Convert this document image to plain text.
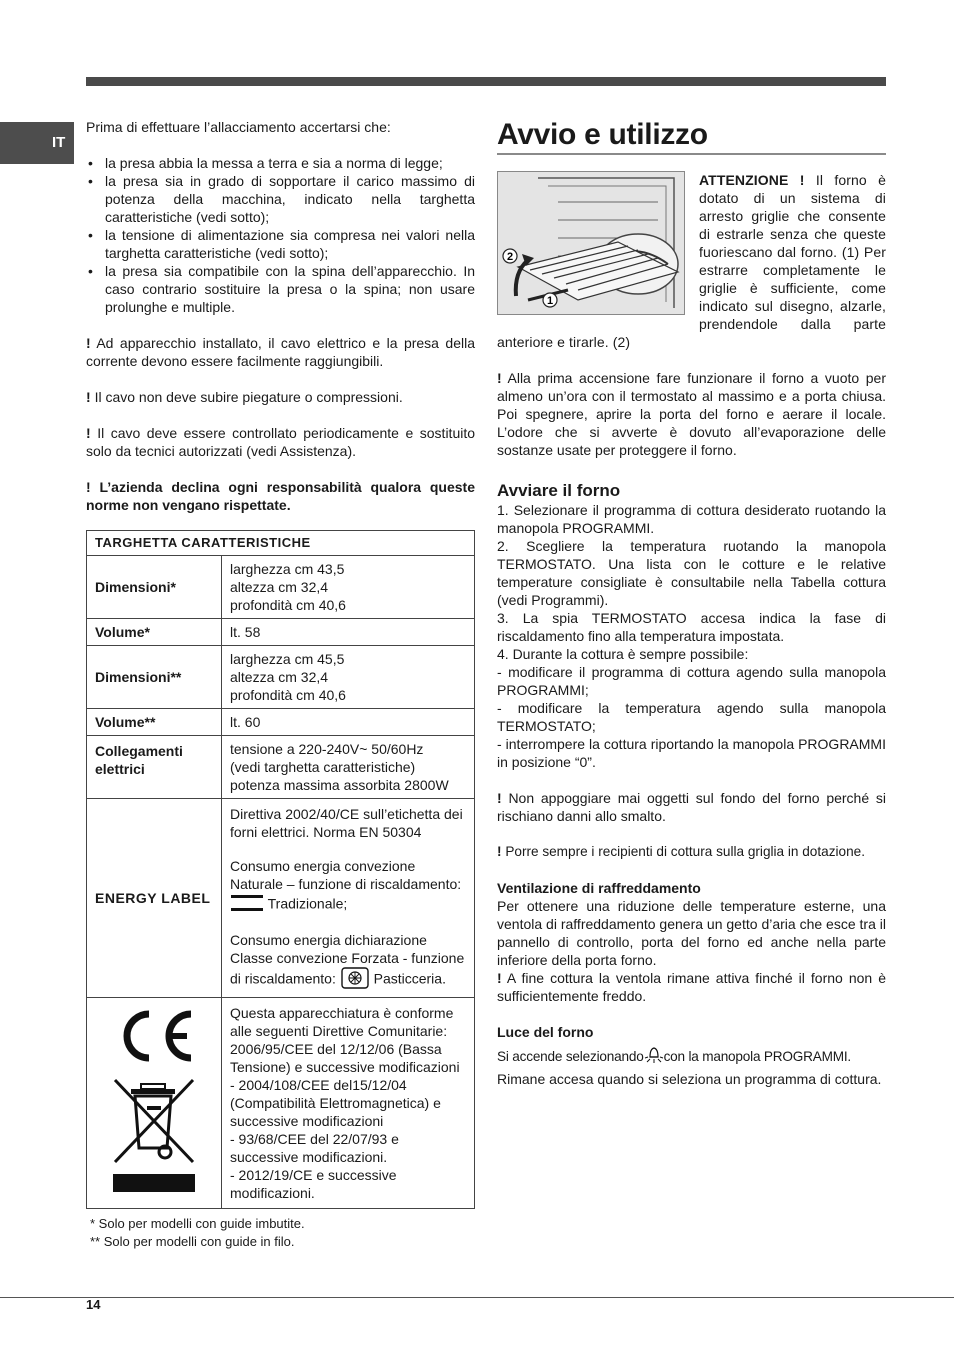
IT

Prima di effettuare l’allacciamento accertarsi che:

• la presa abbia la messa a terra e sia a norma di legge;
• la presa sia in grado di sopportare il carico massimo di potenza della macchina, indicato nella targhetta caratteristiche (vedi sotto);
• la tensione di alimentazione sia compresa nei valori nella targhetta caratteristiche (vedi sotto);
• la presa sia compatibile con la spina dell’apparecchio. In caso contrario sostituire la presa o la spina; non usare prolunghe e multiple.

! Ad apparecchio installato, il cavo elettrico e la presa della corrente devono essere facilmente raggiungibili.

! Il cavo non deve subire piegature o compressioni.

! Il cavo deve essere controllato periodicamente e sostituito solo da tecnici autorizzati (vedi Assistenza).

! L’azienda declina ogni responsabilità qualora queste norme non vengano rispettate.

TARGHETTA CARATTERISTICHE	
Dimensioni*	larghezza cm 43,5
altezza cm 32,4
profondità cm 40,6

Volume*	lt. 58
Dimensioni**	larghezza cm 45,5
altezza cm 32,4
profondità cm 40,6

Volume**	lt. 60
Collegamenti elettrici	tensione a 220-240V~ 50/60Hz
(vedi targhetta caratteristiche)
potenza massima assorbita 2800W

ENERGY LABEL	Direttiva 2002/40/CE sull’etichetta dei forni elettrici. Norma EN 50304
Consumo energia convezione Naturale – funzione di riscaldamento:  Tradizionale;
Consumo energia dichiarazione Classe convezione Forzata - funzione di riscaldamento: Pasticceria.

Questa apparecchiatura è conforme alle seguenti Direttive Comunitarie: 2006/95/CEE del 12/12/06 (Bassa Tensione) e successive modificazioni
- 2004/108/CEE del15/12/04 (Compatibilità Elettromagnetica) e successive modificazioni
- 93/68/CEE del 22/07/93 e successive modificazioni.
- 2012/19/CE e successive modificazioni.
* Solo per modelli con guide imbutite.
** Solo per modelli con guide in filo.
Avvio e utilizzo
2
1

ATTENZIONE ! Il forno è dotato di un sistema di arresto griglie che consente di estrarle senza che queste fuoriescano dal forno. (1) Per estrarre completamente le griglie è sufficiente, come indicato sul disegno, alzarle, prendendole dalla parte anteriore e tirarle. (2)

! Alla prima accensione fare funzionare il forno a vuoto per almeno un’ora con il termostato al massimo e a porta chiusa. Poi spegnere, aprire la porta del forno e aerare il locale. L’odore che si avverte è dovuto all’evaporazione delle sostanze usate per proteggere il forno.

Avviare il forno

1. Selezionare il programma di cottura desiderato ruotando la manopola PROGRAMMI.

2. Scegliere la temperatura ruotando la manopola TERMOSTATO. Una lista con le cotture e le relative temperature consigliate è consultabile nella Tabella cottura (vedi Programmi).

3. La spia TERMOSTATO accesa indica la fase di riscaldamento fino alla temperatura impostata.

4. Durante la cottura è sempre possibile:

- modificare il programma di cottura agendo sulla manopola PROGRAMMI;

- modificare la temperatura agendo sulla manopola TERMOSTATO;

- interrompere la cottura riportando la manopola PROGRAMMI in posizione “0”.

! Non appoggiare mai oggetti sul fondo del forno perché si rischiano danni allo smalto.

! Porre sempre i recipienti di cottura sulla griglia in dotazione.

Ventilazione di raffreddamento

Per ottenere una riduzione delle temperature esterne, una ventola di raffreddamento genera un getto d’aria che esce tra il pannello di controllo, porta del forno ed anche nella parte inferiore della porta forno.

! A fine cottura la ventola rimane attiva finché il forno non è sufficientemente freddo.

Luce del forno

Si accende selezionando con la manopola PROGRAMMI.

Rimane accesa quando si seleziona un programma di cottura.

14
